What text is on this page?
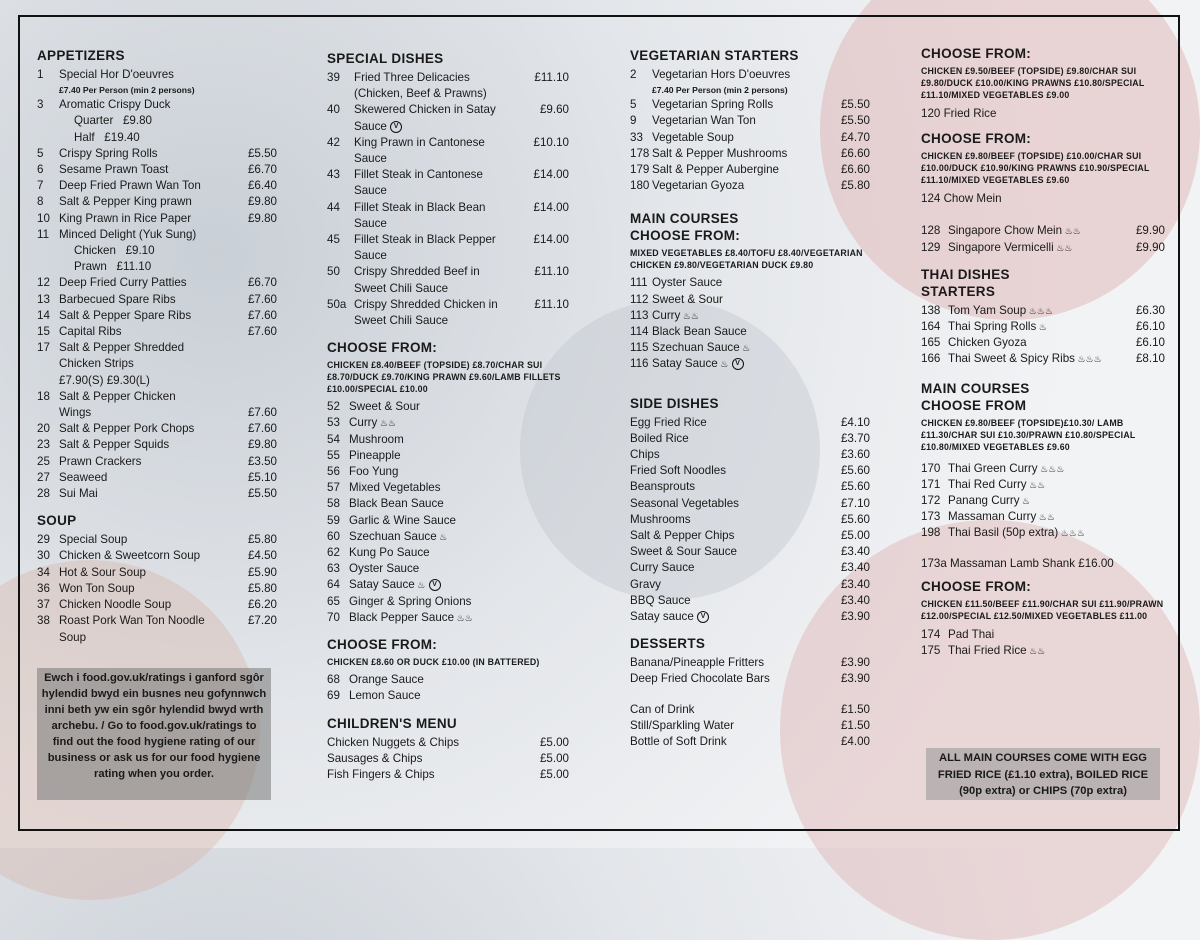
APPETIZERS
1	Special Hor D'oeuvres
£7.40 Per Person (min 2 persons)
3	Aromatic Crispy Duck
Quarter £9.80
Half £19.40
5	Crispy Spring Rolls	£5.50
6	Sesame Prawn Toast	£6.70
7	Deep Fried Prawn Wan Ton	£6.40
8	Salt & Pepper King prawn	£9.80
10 King Prawn in Rice Paper	£9.80
11 Minced Delight (Yuk Sung)
Chicken £9.10
Prawn £11.10
12 Deep Fried Curry Patties	£6.70
13 Barbecued Spare Ribs	£7.60
14 Salt & Pepper Spare Ribs	£7.60
15 Capital Ribs	£7.60
17 Salt & Pepper Shredded
Chicken Strips
£7.90(S) £9.30(L)
18 Salt & Pepper Chicken
Wings	£7.60
20 Salt & Pepper Pork Chops	£7.60
23 Salt & Pepper Squids	£9.80
25 Prawn Crackers	£3.50
27 Seaweed	£5.10
28 Sui Mai	£5.50
SOUP
29 Special Soup	£5.80
30 Chicken & Sweetcorn Soup	£4.50
34 Hot & Sour Soup	£5.90
36 Won Ton Soup	£5.80
37 Chicken Noodle Soup	£6.20
38 Roast Pork Wan Ton Noodle	£7.20
Soup
Ewch i food.gov.uk/ratings i ganford sgôr hylendid bwyd ein busnes neu gofynnwch inni beth yw ein sgôr hylendid bwyd wrth archebu. / Go to food.gov.uk/ratings to find out the food hygiene rating of our business or ask us for our food hygiene rating when you order.
SPECIAL DISHES
39	Fried Three Delicacies	£11.10
(Chicken, Beef & Prawns)
40	Skewered Chicken in Satay	£9.60
Sauce V
42	King Prawn in Cantonese	£10.10
Sauce
43	Fillet Steak in Cantonese	£14.00
Sauce
44	Fillet Steak in Black Bean	£14.00
Sauce
45	Fillet Steak in Black Pepper	£14.00
Sauce
50	Crispy Shredded Beef in	£11.10
Sweet Chili Sauce
50a Crispy Shredded Chicken in	£11.10
Sweet Chili Sauce
CHOOSE FROM:
CHICKEN £8.40/BEEF (TOPSIDE) £8.70/CHAR SUI £8.70/DUCK £9.70/KING PRAWN £9.60/LAMB FILLETS £10.00/SPECIAL £10.00
52 Sweet & Sour
53 Curry ♨♨
54 Mushroom
55 Pineapple
56 Foo Yung
57 Mixed Vegetables
58 Black Bean Sauce
59 Garlic & Wine Sauce
60 Szechuan Sauce ♨
62 Kung Po Sauce
63 Oyster Sauce
64 Satay Sauce ♨ V
65 Ginger & Spring Onions
70 Black Pepper Sauce ♨♨
CHOOSE FROM:
CHICKEN £8.60 OR DUCK £10.00 (IN BATTERED)
68 Orange Sauce
69 Lemon Sauce
CHILDREN'S MENU
Chicken Nuggets & Chips	£5.00
Sausages & Chips	£5.00
Fish Fingers & Chips	£5.00
VEGETARIAN STARTERS
2	Vegetarian Hors D'oeuvres
£7.40 Per Person (min 2 persons)
5	Vegetarian Spring Rolls	£5.50
9	Vegetarian Wan Ton	£5.50
33 Vegetable Soup	£4.70
178 Salt & Pepper Mushrooms	£6.60
179 Salt & Pepper Aubergine	£6.60
180 Vegetarian Gyoza	£5.80
MAIN COURSES
CHOOSE FROM:
MIXED VEGETABLES £8.40/TOFU £8.40/VEGETARIAN CHICKEN £9.80/VEGETARIAN DUCK £9.80
111 Oyster Sauce
112 Sweet & Sour
113 Curry ♨♨
114 Black Bean Sauce
115 Szechuan Sauce ♨
116 Satay Sauce ♨ V
SIDE DISHES
Egg Fried Rice	£4.10
Boiled Rice	£3.70
Chips	£3.60
Fried Soft Noodles	£5.60
Beansprouts	£5.60
Seasonal Vegetables	£7.10
Mushrooms	£5.60
Salt & Pepper Chips	£5.00
Sweet & Sour Sauce	£3.40
Curry Sauce	£3.40
Gravy	£3.40
BBQ Sauce	£3.40
Satay sauce V	£3.90
DESSERTS
Banana/Pineapple Fritters	£3.90
Deep Fried Chocolate Bars	£3.90
Can of Drink	£1.50
Still/Sparkling Water	£1.50
Bottle of Soft Drink	£4.00
CHOOSE FROM:
CHICKEN £9.50/BEEF (TOPSIDE) £9.80/CHAR SUI £9.80/DUCK £10.00/KING PRAWNS £10.80/SPECIAL £11.10/MIXED VEGETABLES £9.00
120 Fried Rice
CHOOSE FROM:
CHICKEN £9.80/BEEF (TOPSIDE) £10.00/CHAR SUI £10.00/DUCK £10.90/KING PRAWNS £10.90/SPECIAL £11.10/MIXED VEGETABLES £9.60
124 Chow Mein
128 Singapore Chow Mein ♨♨	£9.90
129 Singapore Vermicelli ♨♨	£9.90
THAI DISHES
STARTERS
138 Tom Yam Soup ♨♨♨	£6.30
164 Thai Spring Rolls ♨	£6.10
165 Chicken Gyoza	£6.10
166 Thai Sweet & Spicy Ribs ♨♨♨	£8.10
MAIN COURSES
CHOOSE FROM
CHICKEN £9.80/BEEF (TOPSIDE)£10.30/ LAMB £11.30/CHAR SUI £10.30/PRAWN £10.80/SPECIAL £10.80/MIXED VEGETABLES £9.60
170 Thai Green Curry ♨♨♨
171 Thai Red Curry ♨♨
172 Panang Curry ♨
173 Massaman Curry ♨♨
198 Thai Basil (50p extra) ♨♨♨
173a Massaman Lamb Shank £16.00
CHOOSE FROM:
CHICKEN £11.50/BEEF £11.90/CHAR SUI £11.90/PRAWN £12.00/SPECIAL £12.50/MIXED VEGETABLES £11.00
174 Pad Thai
175 Thai Fried Rice ♨♨
ALL MAIN COURSES COME WITH EGG FRIED RICE (£1.10 extra), BOILED RICE (90p extra) or CHIPS (70p extra)
